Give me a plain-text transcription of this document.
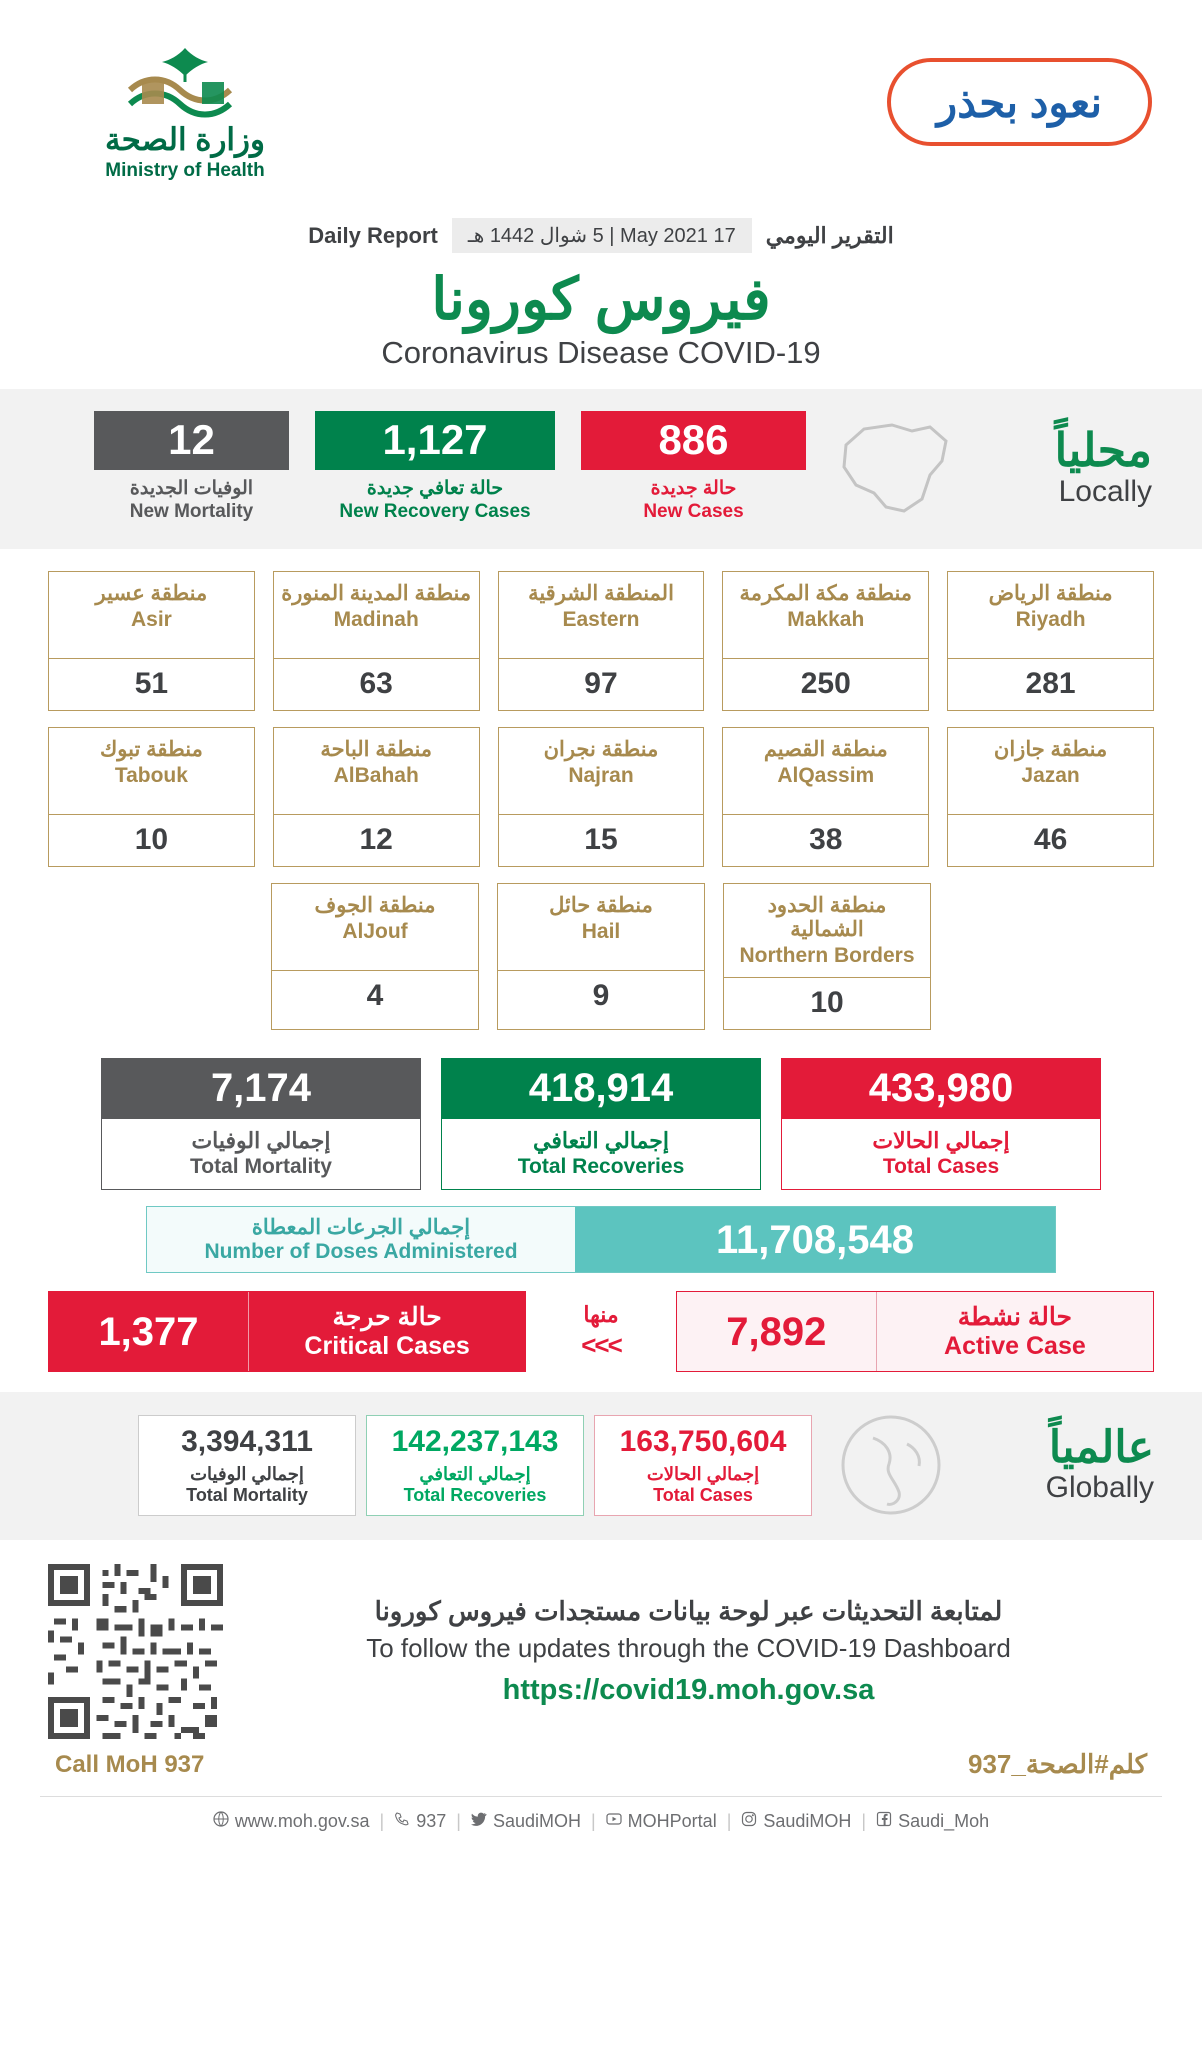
وزارة الصحة
Ministry of Health
نعود بحذر
التقرير اليومي
17 May 2021 | ‏5 شوال 1442 هـ
Daily Report
فيروس كورونا
Coronavirus Disease COVID-19
محلياً
Locally
886
حالة جديدة
New Cases
1,127
حالة تعافي جديدة
New Recovery Cases
12
الوفيات الجديدة
New Mortality
منطقة الرياض
Riyadh
281
منطقة مكة المكرمة
Makkah
250
المنطقة الشرقية
Eastern
97
منطقة المدينة المنورة
Madinah
63
منطقة عسير
Asir
51
منطقة جازان
Jazan
46
منطقة القصيم
AlQassim
38
منطقة نجران
Najran
15
منطقة الباحة
AlBahah
12
منطقة تبوك
Tabouk
10
منطقة الحدود الشمالية
Northern Borders
10
منطقة حائل
Hail
9
منطقة الجوف
AlJouf
4
433,980
إجمالي الحالات
Total Cases
418,914
إجمالي التعافي
Total Recoveries
7,174
إجمالي الوفيات
Total Mortality
11,708,548
إجمالي الجرعات المعطاة
Number of Doses Administered
حالة نشطة
Active Case
7,892
منها
<<<
حالة حرجة
Critical Cases
1,377
عالمياً
Globally
163,750,604
إجمالي الحالات
Total Cases
142,237,143
إجمالي التعافي
Total Recoveries
3,394,311
إجمالي الوفيات
Total Mortality
لمتابعة التحديثات عبر لوحة بيانات مستجدات فيروس كورونا
To follow the updates through the COVID-19 Dashboard
https://covid19.moh.gov.sa
كلم#الصحة_937
Call MoH 937
www.moh.gov.sa | 937 | SaudiMOH | MOHPortal | SaudiMOH | Saudi_Moh
